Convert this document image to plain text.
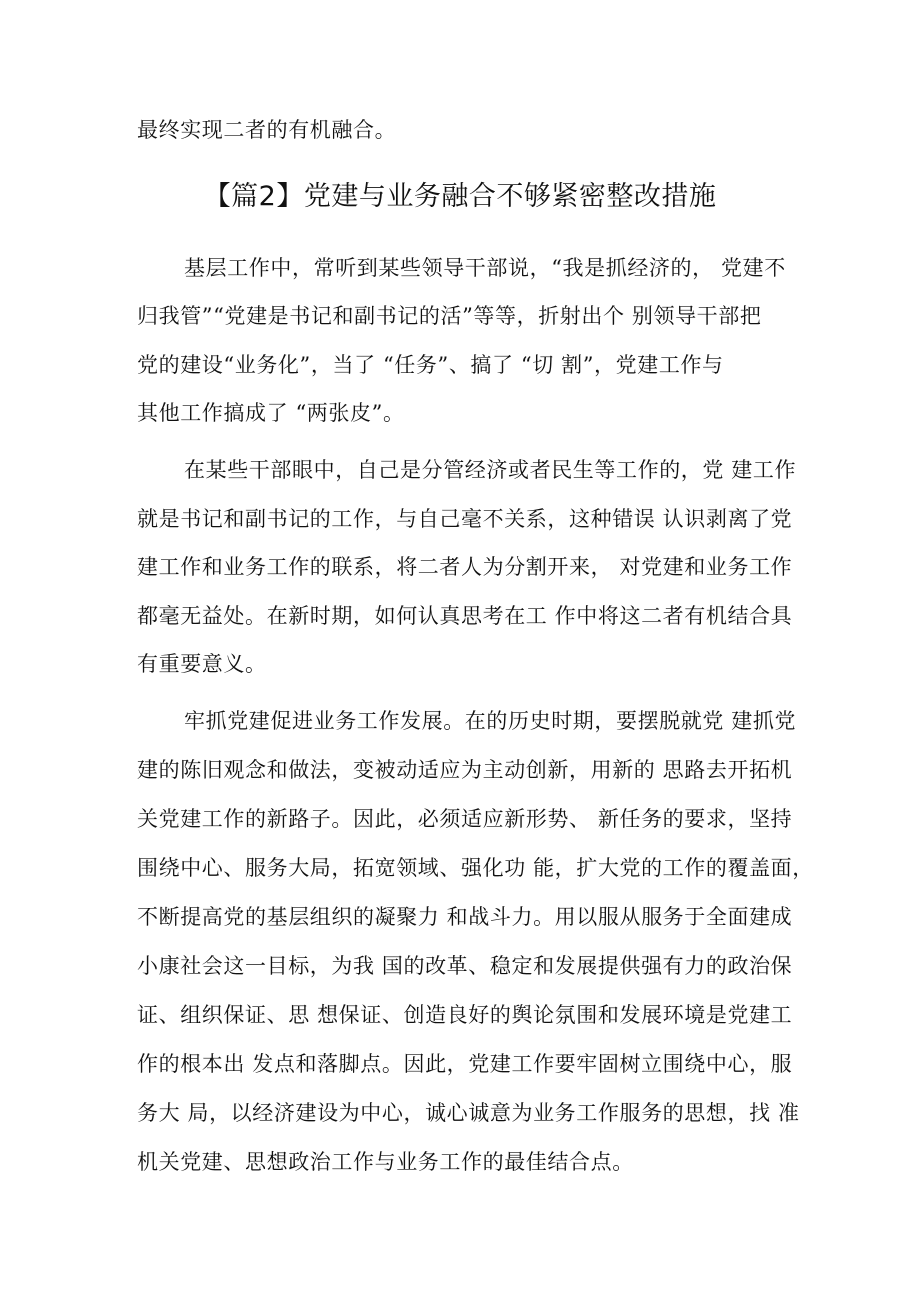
最终实现二者的有机融合。
【篇2】党建与业务融合不够紧密整改措施
基层工作中，常听到某些领导干部说，“我是抓经济的， 党建不
归我管”“党建是书记和副书记的活”等等，折射出个 别领导干部把
党的建设“业务化”，当了 “任务”、搞了 “切 割”，党建工作与
其他工作搞成了 “两张皮”。
在某些干部眼中，自己是分管经济或者民生等工作的，党 建工作
就是书记和副书记的工作，与自己毫不关系，这种错误 认识剥离了党
建工作和业务工作的联系，将二者人为分割开来， 对党建和业务工作
都毫无益处。在新时期，如何认真思考在工 作中将这二者有机结合具
有重要意义。
牢抓党建促进业务工作发展。在的历史时期，要摆脱就党 建抓党
建的陈旧观念和做法，变被动适应为主动创新，用新的 思路去开拓机
关党建工作的新路子。因此，必须适应新形势、 新任务的要求，坚持
围绕中心、服务大局，拓宽领域、强化功 能，扩大党的工作的覆盖面，
不断提高党的基层组织的凝聚力 和战斗力。用以服从服务于全面建成
小康社会这一目标，为我 国的改革、稳定和发展提供强有力的政治保
证、组织保证、思 想保证、创造良好的舆论氛围和发展环境是党建工
作的根本出 发点和落脚点。因此，党建工作要牢固树立围绕中心，服
务大 局，以经济建设为中心，诚心诚意为业务工作服务的思想，找 准
机关党建、思想政治工作与业务工作的最佳结合点。
